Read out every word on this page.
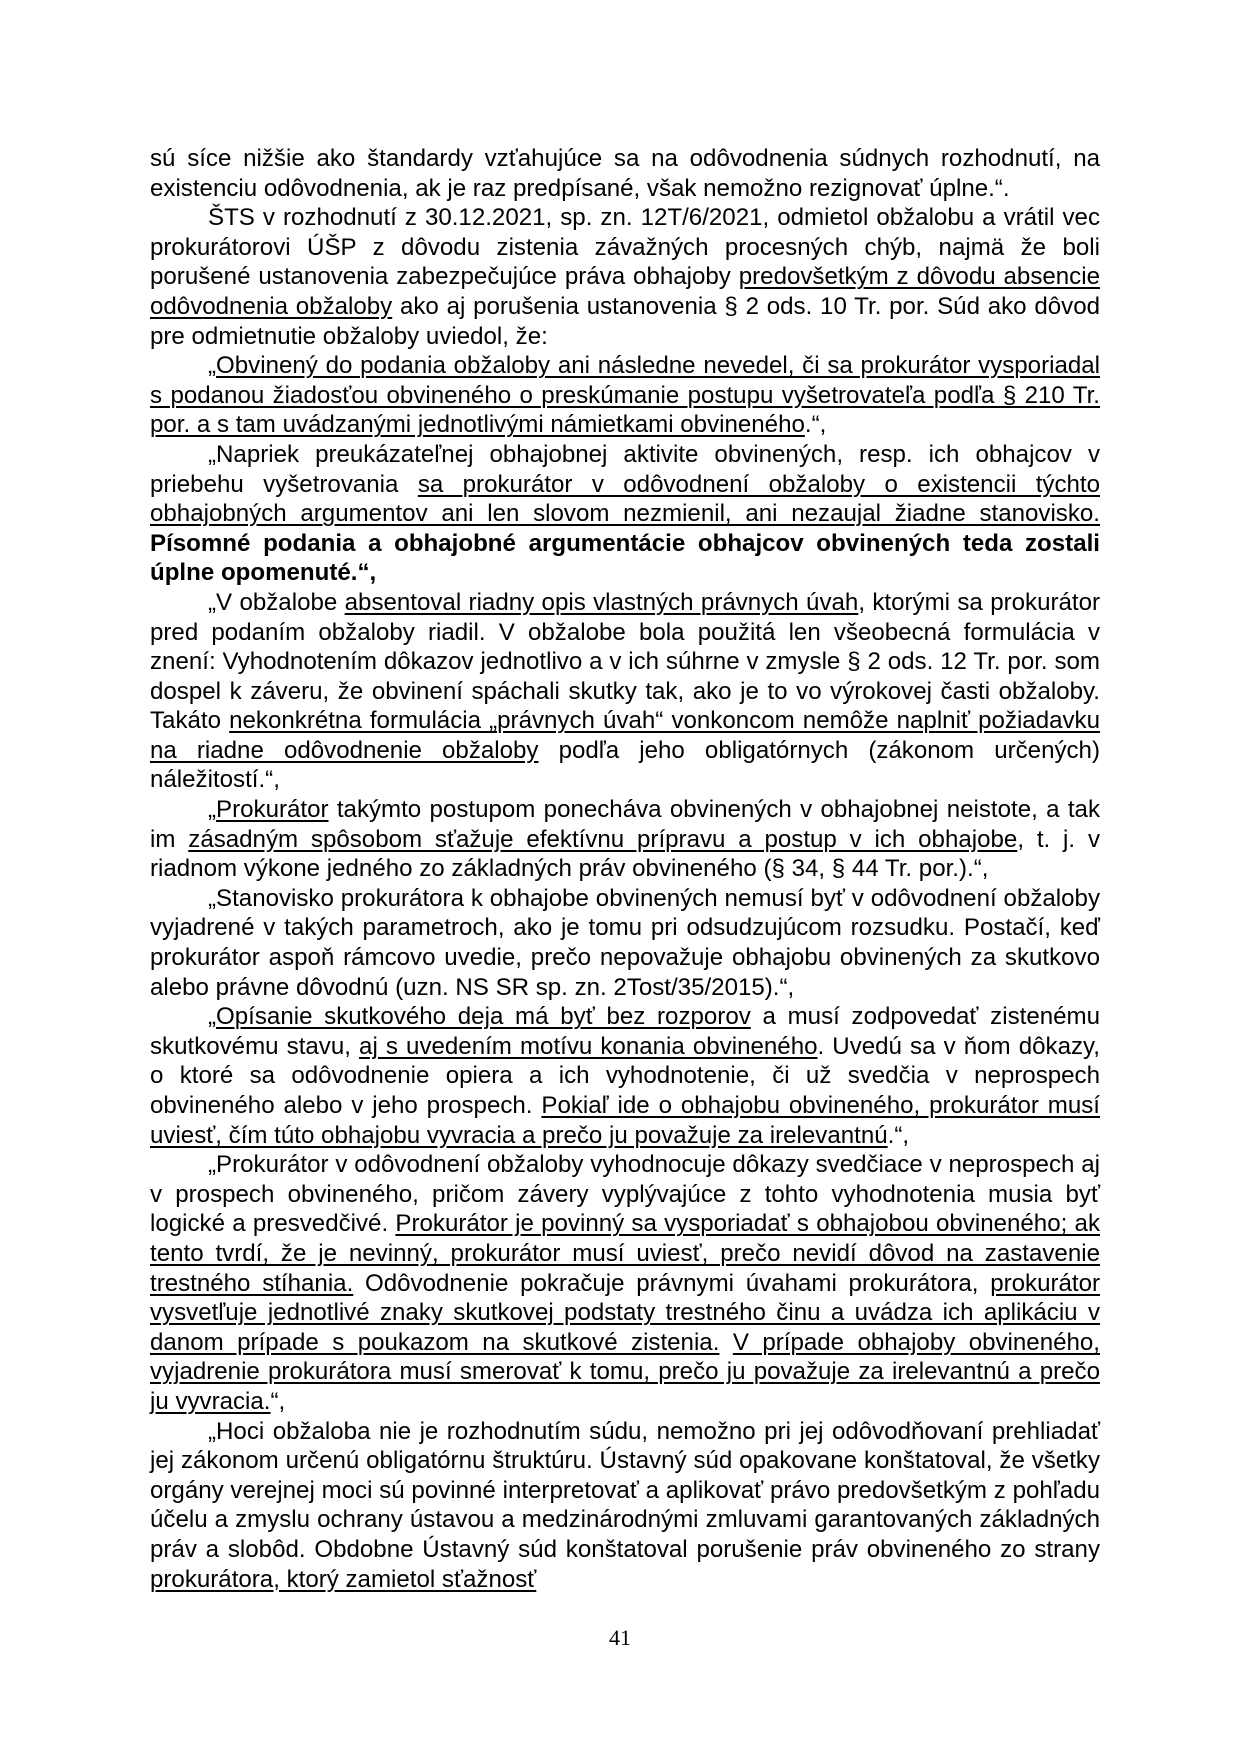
sú síce nižšie ako štandardy vzťahujúce sa na odôvodnenia súdnych rozhodnutí, na existenciu odôvodnenia, ak je raz predpísané, však nemožno rezignovať úplne.“.

ŠTS v rozhodnutí z 30.12.2021, sp. zn. 12T/6/2021, odmietol obžalobu a vrátil vec prokurátorovi ÚŠP z dôvodu zistenia závažných procesných chýb, najmä že boli porušené ustanovenia zabezpečujúce práva obhajoby predovšetkým z dôvodu absencie odôvodnenia obžaloby ako aj porušenia ustanovenia § 2 ods. 10 Tr. por. Súd ako dôvod pre odmietnutie obžaloby uviedol, že:

„Obvinený do podania obžaloby ani následne nevedel, či sa prokurátor vysporiadal s podanou žiadosťou obvineného o preskúmanie postupu vyšetrovateľa podľa § 210 Tr. por. a s tam uvádzanými jednotlivými námietkami obvineného.“,

„Napriek preukázateľnej obhajobnej aktivite obvinených, resp. ich obhajcov v priebehu vyšetrovania sa prokurátor v odôvodnení obžaloby o existencii týchto obhajobných argumentov ani len slovom nezmienil, ani nezaujal žiadne stanovisko. Písomné podania a obhajobné argumentácie obhajcov obvinených teda zostali úplne opomenuté.“,

„V obžalobe absentoval riadny opis vlastných právnych úvah, ktorými sa prokurátor pred podaním obžaloby riadil. V obžalobe bola použitá len všeobecná formulácia v znení: Vyhodnotením dôkazov jednotlivo a v ich súhrne v zmysle § 2 ods. 12 Tr. por. som dospel k záveru, že obvinení spáchali skutky tak, ako je to vo výrokovej časti obžaloby. Takáto nekonkrétna formulácia „právnych úvah“ vonkoncom nemôže naplniť požiadavku na riadne odôvodnenie obžaloby podľa jeho obligatórnych (zákonom určených) náležitostí.“,

„Prokurátor takýmto postupom ponecháva obvinených v obhajobnej neistote, a tak im zásadným spôsobom sťažuje efektívnu prípravu a postup v ich obhajobe, t. j. v riadnom výkone jedného zo základných práv obvineného (§ 34, § 44 Tr. por.).“,

„Stanovisko prokurátora k obhajobe obvinených nemusí byť v odôvodnení obžaloby vyjadrené v takých parametroch, ako je tomu pri odsudzujúcom rozsudku. Postačí, keď prokurátor aspoň rámcovo uvedie, prečo nepovažuje obhajobu obvinených za skutkovo alebo právne dôvodnú (uzn. NS SR sp. zn. 2Tost/35/2015).“,

„Opísanie skutkového deja má byť bez rozporov a musí zodpovedať zistenému skutkovému stavu, aj s uvedením motívu konania obvineného. Uvedú sa v ňom dôkazy, o ktoré sa odôvodnenie opiera a ich vyhodnotenie, či už svedčia v neprospech obvineného alebo v jeho prospech. Pokiaľ ide o obhajobu obvineného, prokurátor musí uviesť, čím túto obhajobu vyvracia a prečo ju považuje za irelevantnú.“,

„Prokurátor v odôvodnení obžaloby vyhodnocuje dôkazy svedčiace v neprospech aj v prospech obvineného, pričom závery vyplývajúce z tohto vyhodnotenia musia byť logické a presvedčivé. Prokurátor je povinný sa vysporiadať s obhajobou obvineného; ak tento tvrdí, že je nevinný, prokurátor musí uviesť, prečo nevidí dôvod na zastavenie trestného stíhania. Odôvodnenie pokračuje právnymi úvahami prokurátora, prokurátor vysvetľuje jednotlivé znaky skutkovej podstaty trestného činu a uvádza ich aplikáciu v danom prípade s poukazom na skutkové zistenia. V prípade obhajoby obvineného, vyjadrenie prokurátora musí smerovať k tomu, prečo ju považuje za irelevantnú a prečo ju vyvracia.“,

„Hoci obžaloba nie je rozhodnutím súdu, nemožno pri jej odôvodňovaní prehliadať jej zákonom určenú obligatórnu štruktúru. Ústavný súd opakovane konštatoval, že všetky orgány verejnej moci sú povinné interpretovať a aplikovať právo predovšetkým z pohľadu účelu a zmyslu ochrany ústavou a medzinárodnými zmluvami garantovaných základných práv a slobôd. Obdobne Ústavný súd konštatoval porušenie práv obvineného zo strany prokurátora, ktorý zamietol sťažnosť

41
